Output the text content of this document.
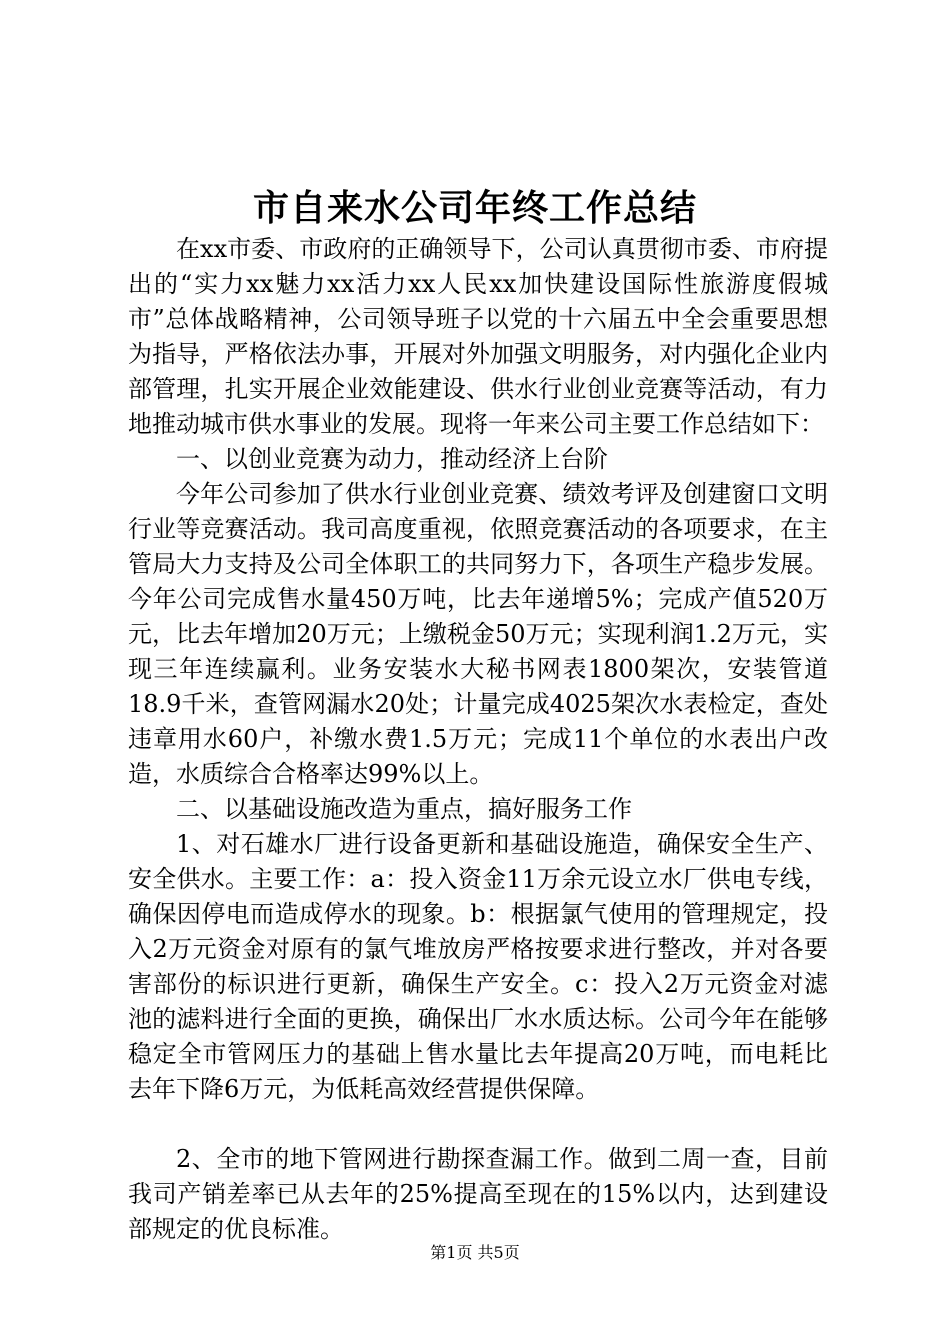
市自来水公司年终工作总结

在xx市委、市政府的正确领导下，公司认真贯彻市委、市府提出的“实力xx魅力xx活力xx人民xx加快建设国际性旅游度假城市”总体战略精神，公司领导班子以党的十六届五中全会重要思想为指导，严格依法办事，开展对外加强文明服务，对内强化企业内部管理，扎实开展企业效能建设、供水行业创业竞赛等活动，有力地推动城市供水事业的发展。现将一年来公司主要工作总结如下：

一、以创业竞赛为动力，推动经济上台阶

今年公司参加了供水行业创业竞赛、绩效考评及创建窗口文明行业等竞赛活动。我司高度重视，依照竞赛活动的各项要求，在主管局大力支持及公司全体职工的共同努力下，各项生产稳步发展。今年公司完成售水量450万吨，比去年递增5%；完成产值520万元，比去年增加20万元；上缴税金50万元；实现利润1.2万元，实现三年连续赢利。业务安装水大秘书网表1800架次，安装管道18.9千米，查管网漏水20处；计量完成4025架次水表检定，查处违章用水60户，补缴水费1.5万元；完成11个单位的水表出户改造，水质综合合格率达99%以上。

二、以基础设施改造为重点，搞好服务工作

1、对石雄水厂进行设备更新和基础设施造，确保安全生产、安全供水。主要工作：a：投入资金11万余元设立水厂供电专线，确保因停电而造成停水的现象。b：根据氯气使用的管理规定，投入2万元资金对原有的氯气堆放房严格按要求进行整改，并对各要害部份的标识进行更新，确保生产安全。c：投入2万元资金对滤池的滤料进行全面的更换，确保出厂水水质达标。公司今年在能够稳定全市管网压力的基础上售水量比去年提高20万吨，而电耗比去年下降6万元，为低耗高效经营提供保障。

2、全市的地下管网进行勘探查漏工作。做到二周一查，目前我司产销差率已从去年的25%提高至现在的15%以内，达到建设部规定的优良标准。

第1页 共5页
